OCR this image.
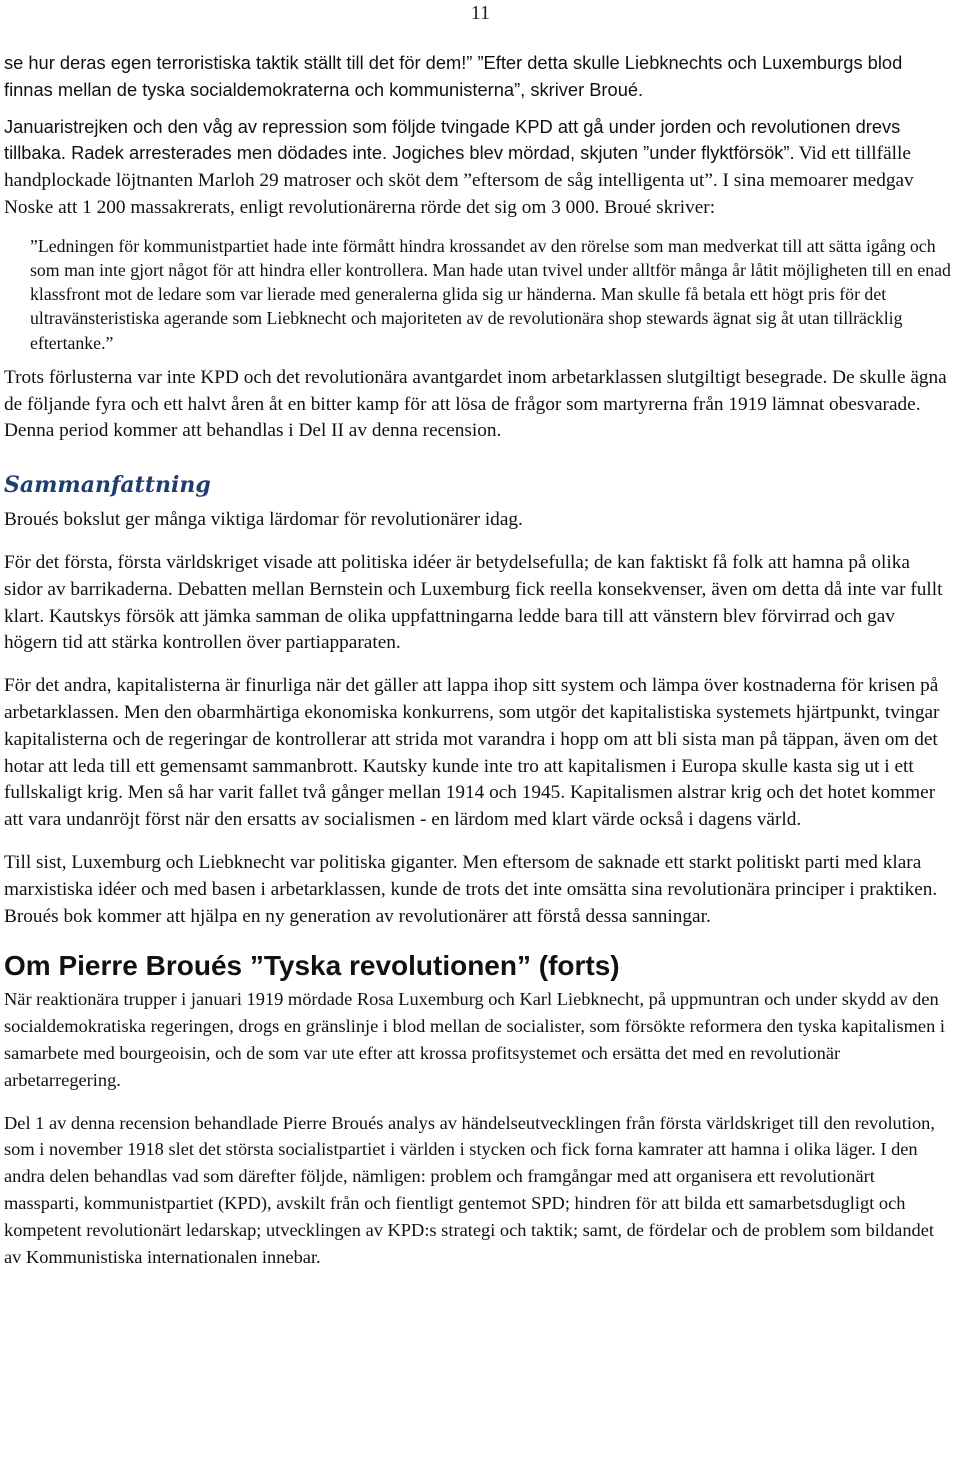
11

se hur deras egen terroristiska taktik ställt till det för dem!” ”Efter detta skulle Liebknechts och Luxemburgs blod finnas mellan de tyska socialdemokraterna och kommunisterna”, skriver Broué.

Januaristrejken och den våg av repression som följde tvingade KPD att gå under jorden och revolutionen drevs tillbaka. Radek arresterades men dödades inte. Jogiches blev mördad, skjuten ”under flyktförsök”. Vid ett tillfälle handplockade löjtnanten Marloh 29 matroser och sköt dem ”eftersom de såg intelligenta ut”. I sina memoarer medgav Noske att 1 200 massakrerats, enligt revolutionärerna rörde det sig om 3 000. Broué skriver:

”Ledningen för kommunistpartiet hade inte förmått hindra krossandet av den rörelse som man medverkat till att sätta igång och som man inte gjort något för att hindra eller kontrollera. Man hade utan tvivel under alltför många år låtit möjligheten till en enad klassfront mot de ledare som var lierade med generalerna glida sig ur händerna. Man skulle få betala ett högt pris för det ultravänsteristiska agerande som Liebknecht och majoriteten av de revolutionära shop stewards ägnat sig åt utan tillräcklig eftertanke.”

Trots förlusterna var inte KPD och det revolutionära avantgardet inom arbetarklassen slutgiltigt besegrade. De skulle ägna de följande fyra och ett halvt åren åt en bitter kamp för att lösa de frågor som martyrerna från 1919 lämnat obesvarade. Denna period kommer att behandlas i Del II av denna recension.

Sammanfattning

Broués bokslut ger många viktiga lärdomar för revolutionärer idag.

För det första, första världskriget visade att politiska idéer är betydelsefulla; de kan faktiskt få folk att hamna på olika sidor av barrikaderna. Debatten mellan Bernstein och Luxemburg fick reella konsekvenser, även om detta då inte var fullt klart. Kautskys försök att jämka samman de olika uppfattningarna ledde bara till att vänstern blev förvirrad och gav högern tid att stärka kontrollen över partiapparaten.

För det andra, kapitalisterna är finurliga när det gäller att lappa ihop sitt system och lämpa över kostnaderna för krisen på arbetarklassen. Men den obarmhärtiga ekonomiska konkurrens, som utgör det kapitalistiska systemets hjärtpunkt, tvingar kapitalisterna och de regeringar de kontrollerar att strida mot varandra i hopp om att bli sista man på täppan, även om det hotar att leda till ett gemensamt sammanbrott. Kautsky kunde inte tro att kapitalismen i Europa skulle kasta sig ut i ett fullskaligt krig. Men så har varit fallet två gånger mellan 1914 och 1945. Kapitalismen alstrar krig och det hotet kommer att vara undanröjt först när den ersatts av socialismen - en lärdom med klart värde också i dagens värld.

Till sist, Luxemburg och Liebknecht var politiska giganter. Men eftersom de saknade ett starkt politiskt parti med klara marxistiska idéer och med basen i arbetarklassen, kunde de trots det inte omsätta sina revolutionära principer i praktiken. Broués bok kommer att hjälpa en ny generation av revolutionärer att förstå dessa sanningar.

Om Pierre Broués ”Tyska revolutionen” (forts)

När reaktionära trupper i januari 1919 mördade Rosa Luxemburg och Karl Liebknecht, på uppmuntran och under skydd av den socialdemokratiska regeringen, drogs en gränslinje i blod mellan de socialister, som försökte reformera den tyska kapitalismen i samarbete med bourgeoisin, och de som var ute efter att krossa profitsystemet och ersätta det med en revolutionär arbetarregering.

Del 1 av denna recension behandlade Pierre Broués analys av händelseutvecklingen från första världskriget till den revolution, som i november 1918 slet det största socialistpartiet i världen i stycken och fick forna kamrater att hamna i olika läger. I den andra delen behandlas vad som därefter följde, nämligen: problem och framgångar med att organisera ett revolutionärt massparti, kommunistpartiet (KPD), avskilt från och fientligt gentemot SPD; hindren för att bilda ett samarbetsdugligt och kompetent revolutionärt ledarskap; utvecklingen av KPD:s strategi och taktik; samt, de fördelar och de problem som bildandet av Kommunistiska internationalen innebar.
